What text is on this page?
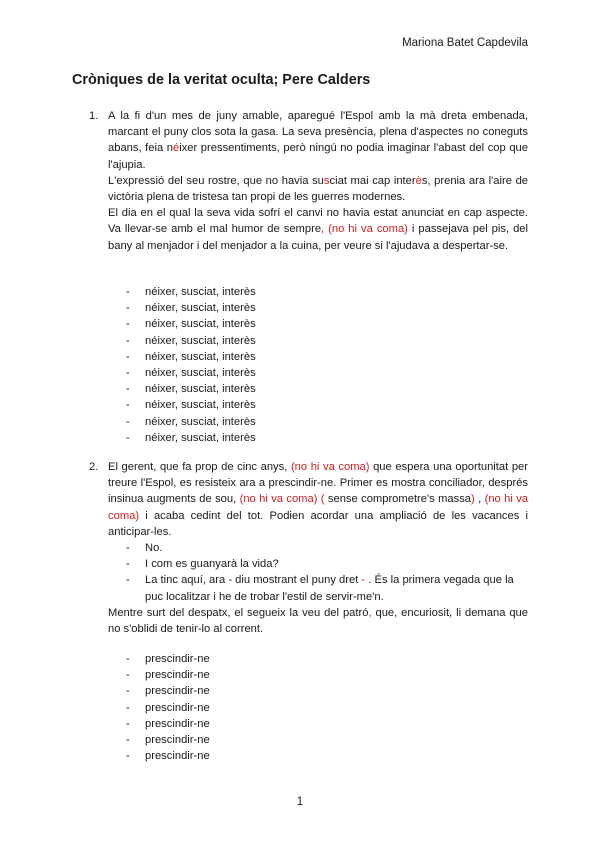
Mariona Batet Capdevila
Cròniques de la veritat oculta; Pere Calders
1. A la fi d'un mes de juny amable, aparegué l'Espol amb la mà dreta embenada, marcant el puny clos sota la gasa. La seva presència, plena d'aspectes no coneguts abans, feia néixer pressentiments, però ningú no podia imaginar l'abast del cop que l'ajupia.

L'expressió del seu rostre, que no havia susciat mai cap interès, prenia ara l'aire de victòria plena de tristesa tan propi de les guerres modernes.

El dia en el qual la seva vida sofrí el canvi no havia estat anunciat en cap aspecte. Va llevar-se amb el mal humor de sempre, (no hi va coma) i passejava pel pis, del bany al menjador i del menjador a la cuina, per veure si l'ajudava a despertar-se.

- néixer, susciat, interès
- néixer, susciat, interès
- néixer, susciat, interès
- néixer, susciat, interès
- néixer, susciat, interès
- néixer, susciat, interès
- néixer, susciat, interès
- néixer, susciat, interès
- néixer, susciat, interès
- néixer, susciat, interès
2. El gerent, que fa prop de cinc anys, (no hi va coma) que espera una oportunitat per treure l'Espol, es resisteix ara a prescindir-ne. Primer es mostra conciliador, després insinua augments de sou, (no hi va coma) ( sense comprometre's massa) , (no hi va coma) i acaba cedint del tot. Podien acordar una ampliació de les vacances i anticipar-les.

-	No.
-	I com es guanyarà la vida?
-	La tinc aquí, ara - diu mostrant el puny dret - . És la primera vegada que la puc localitzar i he de trobar l'estil de servir-me'n.

Mentre surt del despatx, el segueix la veu del patró, que, encuriosit, li demana que no s'oblidi de tenir-lo al corrent.

- prescindir-ne
- prescindir-ne
- prescindir-ne
- prescindir-ne
- prescindir-ne
- prescindir-ne
- prescindir-ne
1
